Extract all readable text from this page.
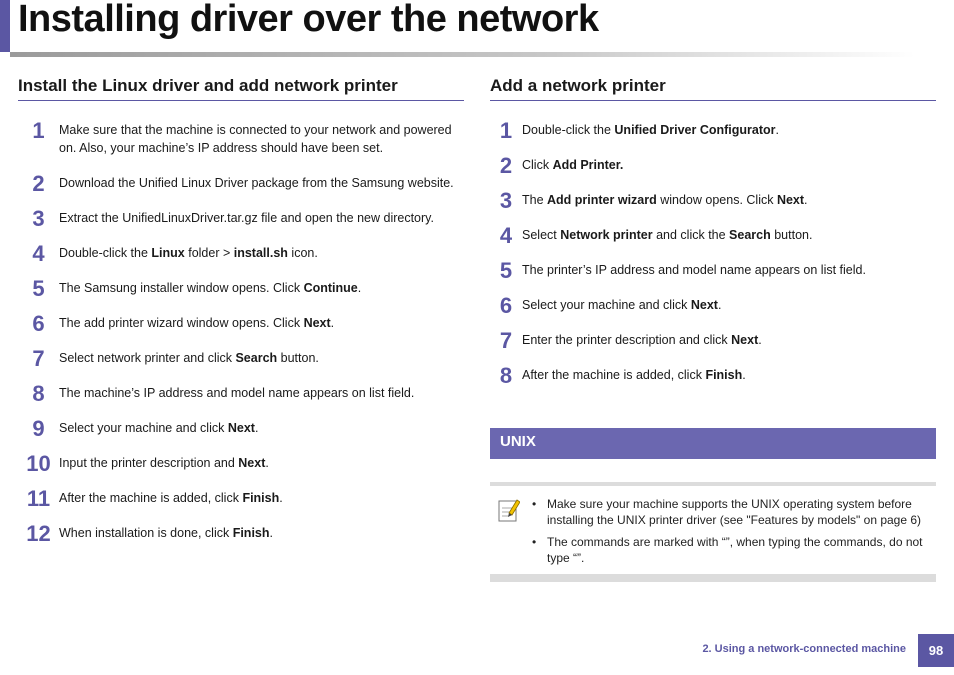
Installing driver over the network
Install the Linux driver and add network printer
1	Make sure that the machine is connected to your network and powered on. Also, your machine’s IP address should have been set.
2	Download the Unified Linux Driver package from the Samsung website.
3	Extract the UnifiedLinuxDriver.tar.gz file and open the new directory.
4	Double-click the Linux folder > install.sh icon.
5	The Samsung installer window opens. Click Continue.
6	The add printer wizard window opens. Click Next.
7	Select network printer and click Search button.
8	The machine’s IP address and model name appears on list field.
9	Select your machine and click Next.
10 Input the printer description and Next.
11 After the machine is added, click Finish.
12 When installation is done, click Finish.
Add a network printer
1 Double-click the Unified Driver Configurator.
2 Click Add Printer.
3 The Add printer wizard window opens. Click Next.
4 Select Network printer and click the Search button.
5 The printer’s IP address and model name appears on list field.
6 Select your machine and click Next.
7 Enter the printer description and click Next.
8 After the machine is added, click Finish.
UNIX
• Make sure your machine supports the UNIX operating system before installing the UNIX printer driver (see "Features by models" on page 6)
• The commands are marked with “”, when typing the commands, do not type “”.
2. Using a network-connected machine	98
